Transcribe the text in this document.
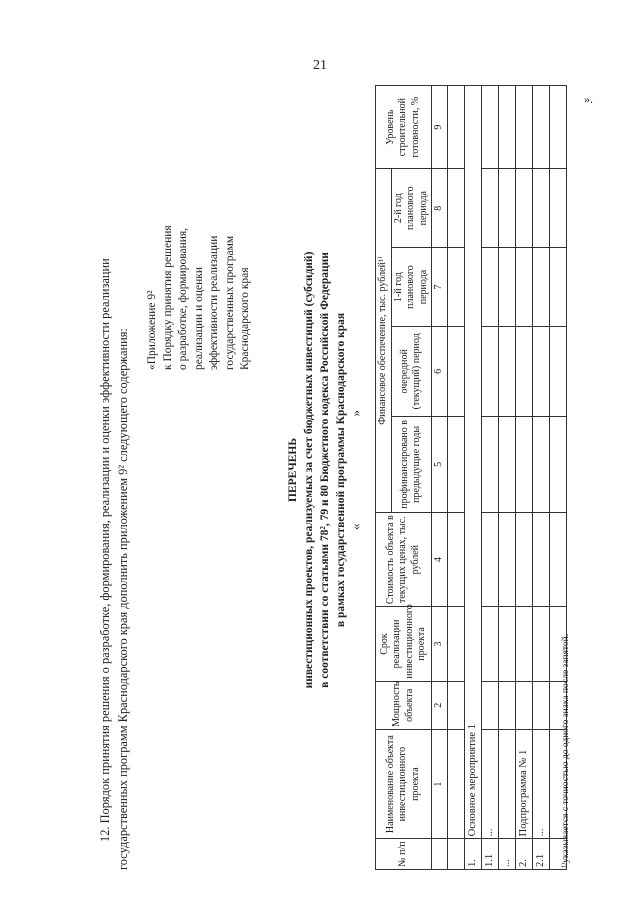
21
».
12. Порядок принятия решения о разработке, формирования, реализации и оценки эффективности реализации государственных программ Краснодарского края дополнить приложением 9² следующего содержания: «Приложение 9² к Порядку принятия решения о разработке, формирования, реализации и оценки эффективности реализации государственных программ Краснодарского края
ПЕРЕЧЕНЬ инвестиционных проектов, реализуемых за счет бюджетных инвестиций (субсидий) в соответствии со статьями 78², 79 и 80 Бюджетного кодекса Российской Федерации в рамках государственной программы Краснодарского края «
»
№ п/п	Наименование объекта инвестиционного проекта	Мощность объекта	Срок реализации инвестиционного проекта	Стоимость объекта в текущих ценах, тыс. рублей	Финансовое обеспечение, тыс. рублей¹⁾				Уровень строительной готовности, %
					профинансировано в предыдущие годы	очередной (текущий) период	1-й год планового периода	2-й год планового периода	
	1	2	3	4	5	6	7	8	9

1.	Основное мероприятие 1								
1.1	...								
...									
2.	Подпрограмма № 1								
2.1	...								
									¹⁾указывается с точностью до одного знака после запятой.
